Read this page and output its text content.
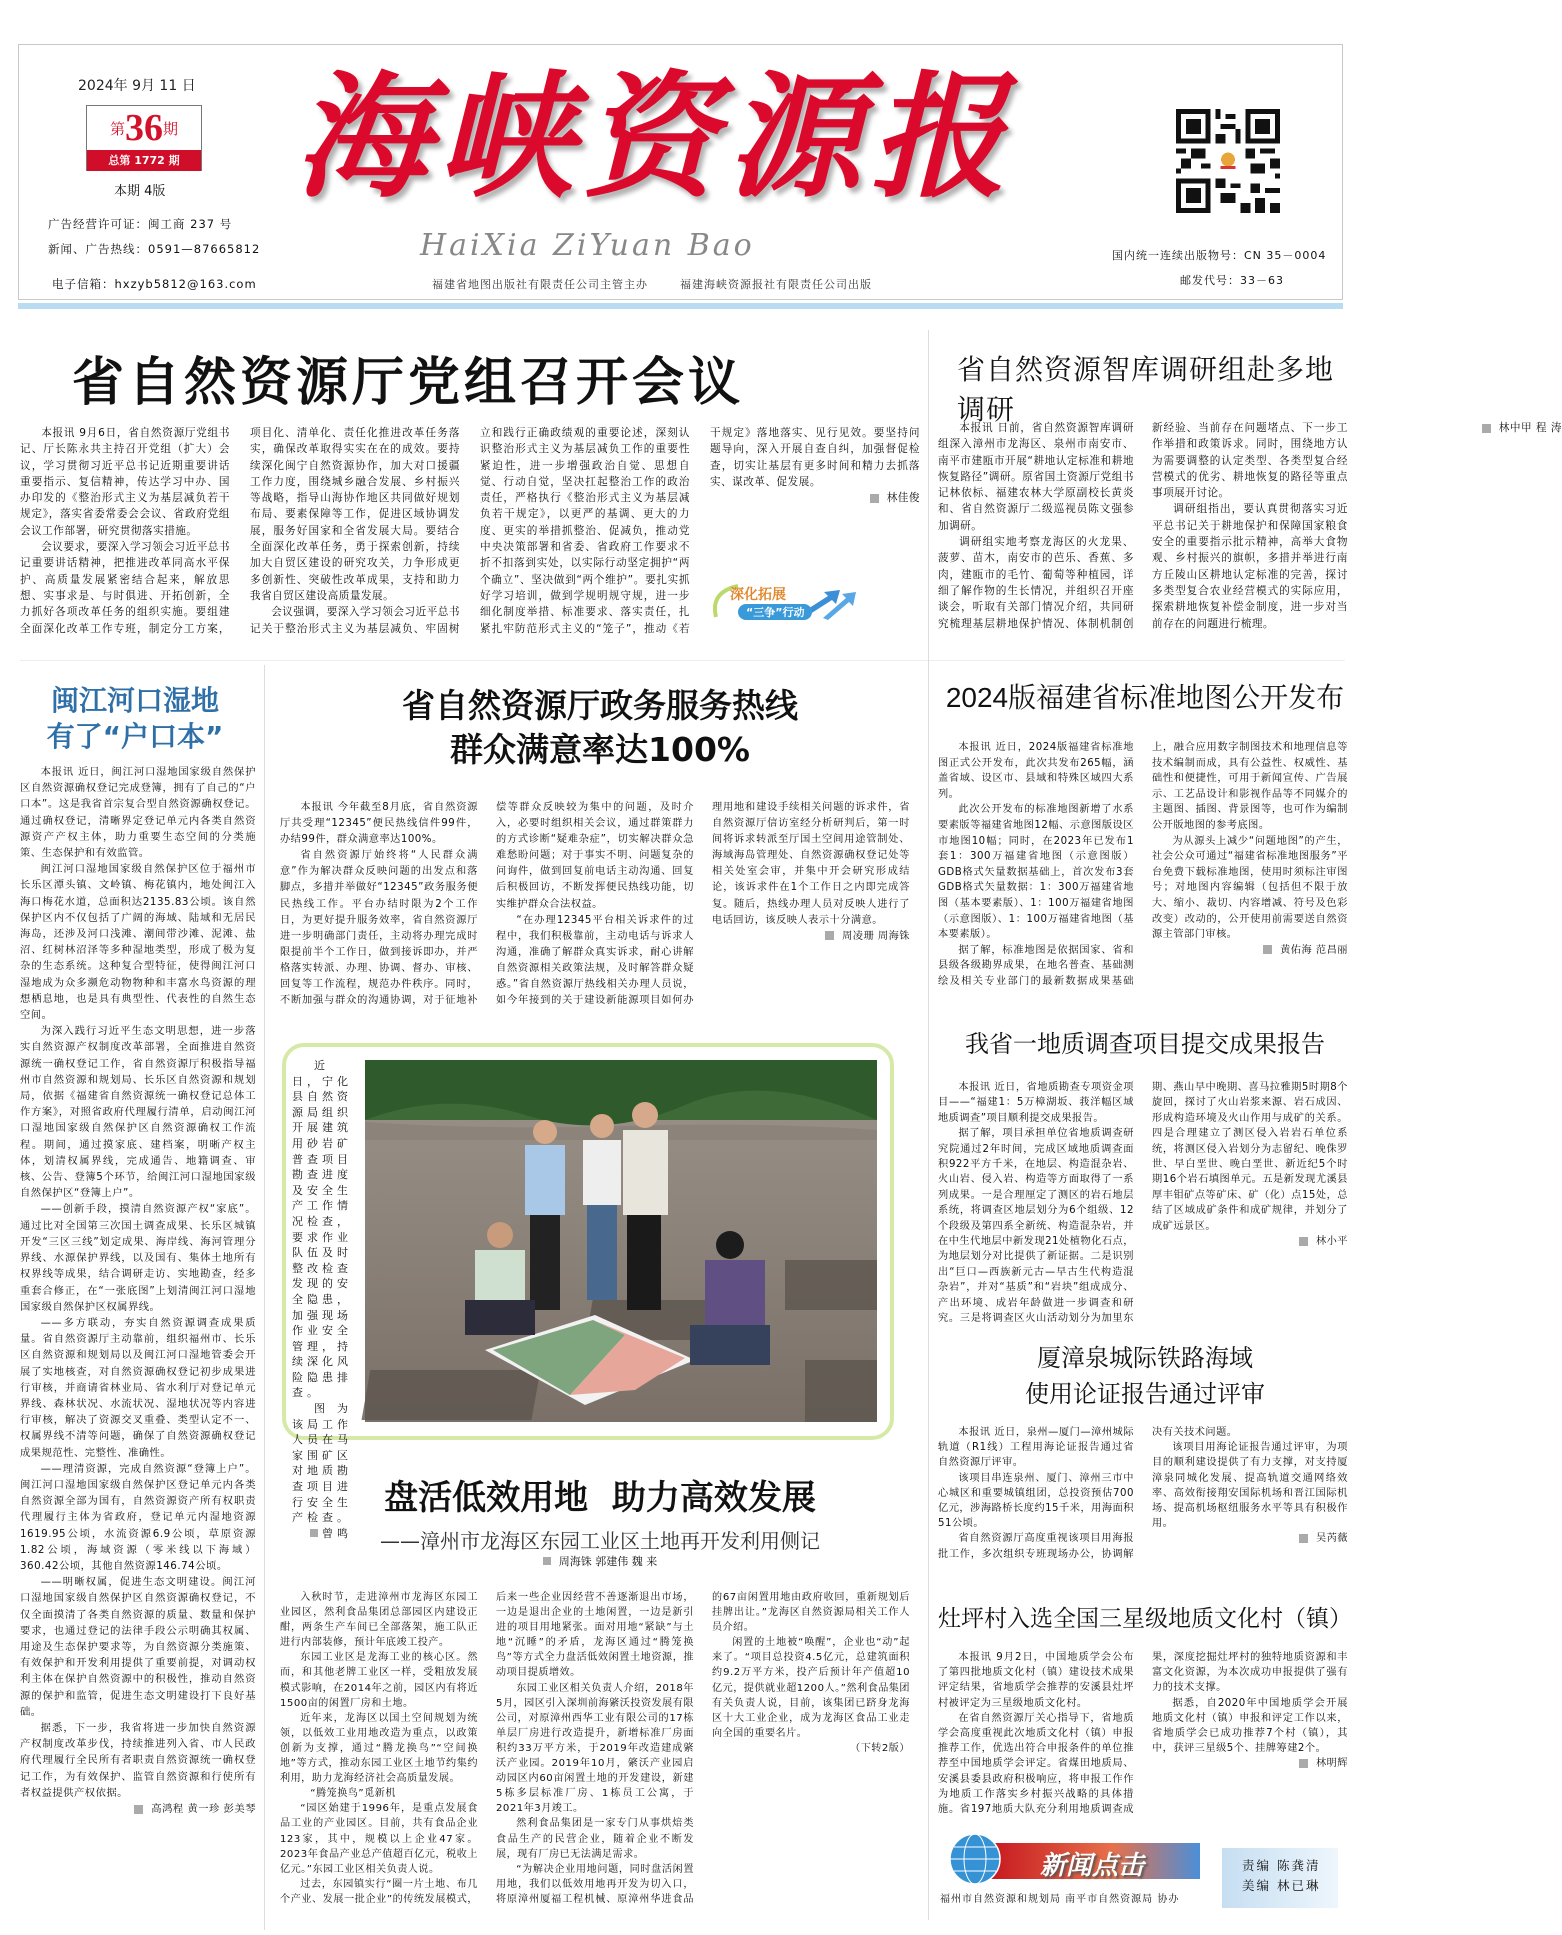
2024年 9月 11 日
第 36 期
总第 1772 期
本期 4版
广告经营许可证：闽工商 237 号
新闻、广告热线：0591—87665812
电子信箱：hxzyb5812@163.com
海 峡 资 源 报
HaiXia ZiYuan Bao
福建省地图出版社有限责任公司主管主办	福建海峡资源报社有限责任公司出版
国内统一连续出版物号：CN 35－0004
邮发代号：33－63
省自然资源厅党组召开会议	省自然资源智库调研组赴多地调研

本报讯 9月6日，省自然资源厅党组书记、厅长陈永共主持召开党组（扩大）会议，学习贯彻习近平总书记近期重要讲话重要指示、复信精神，传达学习中办、国办印发的《整治形式主义为基层减负若干规定》，落实省委常委会会议、省政府党组会议工作部署，研究贯彻落实措施。

会议要求，要深入学习领会习近平总书记重要讲话精神，把推进改革同高水平保护、高质量发展紧密结合起来，解放思想、实事求是、与时俱进、开拓创新，全力抓好各项改革任务的组织实施。要组建全面深化改革工作专班，制定分工方案，项目化、清单化、责任化推进改革任务落实，确保改革取得实实在在的成效。要持续深化闽宁自然资源协作，加大对口援疆工作力度，围绕城乡融合发展、乡村振兴等战略，指导山海协作地区共同做好规划布局、要素保障等工作，促进区域协调发展，服务好国家和全省发展大局。要结合全面深化改革任务，勇于探索创新，持续加大自贸区建设的研究攻关，力争形成更多创新性、突破性改革成果，支持和助力我省自贸区建设高质量发展。

会议强调，要深入学习领会习近平总书记关于整治形式主义为基层减负、牢固树立和践行正确政绩观的重要论述，深刻认识整治形式主义为基层减负工作的重要性紧迫性，进一步增强政治自觉、思想自觉、行动自觉，坚决扛起整治工作的政治责任，严格执行《整治形式主义为基层减负若干规定》，以更严的基调、更大的力度、更实的举措抓整治、促减负，推动党中央决策部署和省委、省政府工作要求不折不扣落到实处，以实际行动坚定拥护“两个确立”、坚决做到“两个维护”。要扎实抓好学习培训，做到学规明规守规，进一步细化制度举措、标准要求、落实责任，扎紧扎牢防范形式主义的“笼子”，推动《若干规定》落地落实、见行见效。要坚持问题导向，深入开展自查自纠，加强督促检查，切实让基层有更多时间和精力去抓落实、谋改革、促发展。

林佳俊

深化拓展
“三争”行动

本报讯 日前，省自然资源智库调研组深入漳州市龙海区、泉州市南安市、南平市建瓯市开展“耕地认定标准和耕地恢复路径”调研。原省国土资源厅党组书记林依标、福建农林大学原副校长黄炎和、省自然资源厅二级巡视员陈文强参加调研。

调研组实地考察龙海区的火龙果、菠萝、苗木，南安市的芭乐、香蕉、多肉，建瓯市的毛竹、葡萄等种植园，详细了解作物的生长情况，并组织召开座谈会，听取有关部门情况介绍，共同研究梳理基层耕地保护情况、体制机制创新经验、当前存在问题堵点、下一步工作举措和政策诉求。同时，围绕地方认为需要调整的认定类型、各类型复合经营模式的优劣、耕地恢复的路径等重点事项展开讨论。

调研组指出，要认真贯彻落实习近平总书记关于耕地保护和保障国家粮食安全的重要指示批示精神，高举大食物观、乡村振兴的旗帜，多措并举进行南方丘陵山区耕地认定标准的完善，探讨多类型复合农业经营模式的实际应用，探索耕地恢复补偿金制度，进一步对当前存在的问题进行梳理。

林中甲 程 涛

闽江河口湿地
有了“户口本”

本报讯 近日，闽江河口湿地国家级自然保护区自然资源确权登记完成登簿，拥有了自己的“户口本”。这是我省首宗复合型自然资源确权登记。通过确权登记，清晰界定登记单元内各类自然资源资产产权主体，助力重要生态空间的分类施策、生态保护和有效监管。

闽江河口湿地国家级自然保护区位于福州市长乐区潭头镇、文岭镇、梅花镇内，地处闽江入海口梅花水道，总面积达2135.83公顷。该自然保护区内不仅包括了广阔的海域、陆域和无居民海岛，还涉及河口浅滩、潮间带沙滩、泥滩、盐沼、红树林沼泽等多种湿地类型，形成了极为复杂的生态系统。这种复合型特征，使得闽江河口湿地成为众多濒危动物物种和丰富水鸟资源的理想栖息地，也是具有典型性、代表性的自然生态空间。

为深入践行习近平生态文明思想，进一步落实自然资源产权制度改革部署，全面推进自然资源统一确权登记工作，省自然资源厅积极指导福州市自然资源和规划局、长乐区自然资源和规划局，依据《福建省自然资源统一确权登记总体工作方案》，对照省政府代理履行清单，启动闽江河口湿地国家级自然保护区自然资源确权工作流程。期间，通过摸家底、建档案，明晰产权主体，划清权属界线，完成通告、地籍调查、审核、公告、登簿5个环节，给闽江河口湿地国家级自然保护区“登簿上户”。

——创新手段，摸清自然资源产权“家底”。通过比对全国第三次国土调查成果、长乐区城镇开发“三区三线”划定成果、海岸线、海河管理分界线、水源保护界线，以及国有、集体土地所有权界线等成果，结合调研走访、实地勘查，经多重套合修正，在“一张底图”上划清闽江河口湿地国家级自然保护区权属界线。

——多方联动，夯实自然资源调查成果质量。省自然资源厅主动靠前，组织福州市、长乐区自然资源和规划局以及闽江河口湿地管委会开展了实地核查，对自然资源确权登记初步成果进行审核，并商请省林业局、省水利厅对登记单元界线、森林状况、水流状况、湿地状况等内容进行审核，解决了资源交叉重叠、类型认定不一、权属界线不清等问题，确保了自然资源确权登记成果规范性、完整性、准确性。

——理清资源，完成自然资源“登簿上户”。闽江河口湿地国家级自然保护区登记单元内各类自然资源全部为国有，自然资源资产所有权职责代理履行主体为省政府，登记单元内湿地资源 1619.95公顷，水流资源6.9公顷，草原资源1.82公顷，海域资源（零米线以下海域）360.42公顷，其他自然资源146.74公顷。

——明晰权属，促进生态文明建设。闽江河口湿地国家级自然保护区自然资源确权登记，不仅全面摸清了各类自然资源的质量、数量和保护要求，也通过登记的法律手段公示明确其权属、用途及生态保护要求等，为自然资源分类施策、有效保护和开发利用提供了重要前提，对调动权利主体在保护自然资源中的积极性，推动自然资源的保护和监管，促进生态文明建设打下良好基础。

据悉，下一步，我省将进一步加快自然资源产权制度改革步伐，持续推进列入省、市人民政府代理履行全民所有者职责自然资源统一确权登记工作，为有效保护、监管自然资源和行使所有者权益提供产权依据。

高鸿程 黄一珍 彭美琴

省自然资源厅政务服务热线
群众满意率达100%

本报讯 今年截至8月底，省自然资源厅共受理“12345”便民热线信件99件，办结99件，群众满意率达100%。

省自然资源厅始终将“人民群众满意”作为解决群众反映问题的出发点和落脚点，多措并举做好“12345”政务服务便民热线工作。平台办结时限为2个工作日，为更好提升服务效率，省自然资源厅进一步明确部门责任，主动将办理完成时限提前半个工作日，做到接诉即办，并严格落实转派、办理、协调、督办、审核、回复等工作流程，规范办件秩序。同时，不断加强与群众的沟通协调，对于征地补偿等群众反映较为集中的问题，及时介入，必要时组织相关会议，通过群策群力的方式诊断“疑难杂症”，切实解决群众急难愁盼问题；对于事实不明、问题复杂的问询件，做到回复前电话主动沟通、回复后积极回访，不断发挥便民热线功能，切实维护群众合法权益。

“在办理12345平台相关诉求件的过程中，我们积极靠前，主动电话与诉求人沟通，准确了解群众真实诉求，耐心讲解自然资源相关政策法规，及时解答群众疑惑。”省自然资源厅热线相关办理人员说，如今年接到的关于建设新能源项目如何办理用地和建设手续相关问题的诉求件，省自然资源厅信访室经分析研判后，第一时间将诉求转派至厅国土空间用途管制处、海域海岛管理处、自然资源确权登记处等相关处室会审，并集中开会研究形成结论，该诉求件在1个工作日之内即完成答复。随后，热线办理人员对反映人进行了电话回访，该反映人表示十分满意。

周凌珊 周海铢

近日，宁化县自然资源局组织开展建筑用砂岩矿普查项目勘查进度及安全生产工作情况检查，要求作业队伍及时整改检查发现的安全隐患，加强现场作业安全管理，持续深化风险隐患排查。

图为该局工作人员在马家围矿区对地质勘查项目进行安全生产检查。

曾鸣

盘活低效用地  助力高效发展
——漳州市龙海区东园工业区土地再开发利用侧记
周海铢 郭建伟 魏 来

入秋时节，走进漳州市龙海区东园工业园区，然利食品集团总部园区内建设正酣，两条生产车间已全部落架，施工队正进行内部装修，预计年底竣工投产。

东园工业区是龙海工业的核心区。然而，和其他老牌工业区一样，受粗放发展模式影响，在2014年之前，园区内有将近1500亩的闲置厂房和土地。

近年来，龙海区以国土空间规划为统领，以低效工业用地改造为重点，以政策创新为支撑，通过“腾龙换鸟”“空间换地”等方式，推动东园工业区土地节约集约利用，助力龙海经济社会高质量发展。

“腾笼换鸟”觅新机

“园区始建于1996年，是重点发展食品工业的产业园区。目前，共有食品企业123家，其中，规模以上企业47家。2023年食品产业总产值超百亿元，税收上亿元。”东园工业区相关负责人说。

过去，东园镇实行“圈一片土地、布几个产业、发展一批企业”的传统发展模式，后来一些企业因经营不善逐渐退出市场，一边是退出企业的土地闲置，一边是新引进的项目用地紧张。面对用地“紧缺”与土地“沉睡”的矛盾，龙海区通过“腾笼换鸟”等方式全力盘活低效闲置土地资源，推动项目提质增效。

东园工业区相关负责人介绍，2018年5月，园区引入深圳前海綮沃投资发展有限公司，对原漳州西华工业有限公司的17栋单层厂房进行改造提升，新增标准厂房面积约33万平方米，于2019年改造建成綮沃产业园。2019年10月，綮沃产业园启动园区内60亩闲置土地的开发建设，新建5栋多层标准厂房、1栋员工公寓，于2021年3月竣工。

然利食品集团是一家专门从事烘焙类食品生产的民营企业，随着企业不断发展，现有厂房已无法满足需求。

“为解决企业用地问题，同时盘活闲置用地，我们以低效用地再开发为切入口，将原漳州厦福工程机械、原漳州华进食品的67亩闲置用地由政府收回，重新规划后挂牌出让。”龙海区自然资源局相关工作人员介绍。

闲置的土地被“唤醒”，企业也“动”起来了。“项目总投资4.5亿元，总建筑面积约9.2万平方米，投产后预计年产值超10亿元，提供就业超1200人。”然利食品集团有关负责人说，目前，该集团已跻身龙海区十大工业企业，成为龙海区食品工业走向全国的重要名片。

（下转2版）

2024版福建省标准地图公开发布

本报讯 近日，2024版福建省标准地图正式公开发布，此次共发布265幅，涵盖省域、设区市、县域和特殊区域四大系列。

此次公开发布的标准地图新增了水系要素版等福建省地图12幅、示意图版设区市地图10幅；同时，在2023年已发布1套1：300万福建省地图（示意图版）GDB格式矢量数据基础上，首次发布3套GDB格式矢量数据：1：300万福建省地图（基本要素版）、1：100万福建省地图（示意图版）、1：100万福建省地图（基本要素版）。

据了解，标准地图是依据国家、省和县级各级勘界成果，在地名普查、基础测绘及相关专业部门的最新数据成果基础上，融合应用数字制图技术和地理信息等技术编制而成，具有公益性、权威性、基础性和便捷性，可用于新闻宣传、广告展示、工艺品设计和影视作品等不同媒介的主题图、插图、背景图等，也可作为编制公开版地图的参考底图。

为从源头上减少“问题地图”的产生，社会公众可通过“福建省标准地图服务”平台免费下载标准地图，使用时须标注审图号；对地图内容编辑（包括但不限于放大、缩小、裁切、内容增减、符号及色彩改变）改动的，公开使用前需要送自然资源主管部门审核。

黄佑海 范昌丽

我省一地质调查项目提交成果报告

本报讯 近日，省地质勘查专项资金项目——“福建1：5万樟湖坂、莪洋幅区域地质调查”项目顺利提交成果报告。

据了解，项目承担单位省地质调查研究院通过2年时间，完成区域地质调查面积922平方千米，在地层、构造混杂岩、火山岩、侵入岩、构造等方面取得了一系列成果。一是合理厘定了测区的岩石地层系统，将调查区地层划分为6个组级、12个段级及第四系全新统、构造混杂岩，并在中生代地层中新发现21处植物化石点，为地层划分对比提供了新证据。二是识别出“巨口—西族新元古—早古生代构造混杂岩”，并对“基质”和“岩块”组成成分、产出环境、成岩年龄做进一步调查和研究。三是将调查区火山活动划分为加里东期、燕山早中晚期、喜马拉雅期5时期8个旋回，探讨了火山岩浆来源、岩石成因、形成构造环境及火山作用与成矿的关系。四是合理建立了测区侵入岩岩石单位系统，将测区侵入岩划分为志留纪、晚侏罗世、早白垩世、晚白垩世、新近纪5个时期16个岩石填图单元。五是新发现尤溪县厚丰钼矿点等矿床、矿（化）点15处，总结了区域成矿条件和成矿规律，并划分了成矿远景区。

林小平

厦漳泉城际铁路海域
使用论证报告通过评审

本报讯 近日，泉州—厦门—漳州城际轨道（R1线）工程用海论证报告通过省自然资源厅评审。

该项目串连泉州、厦门、漳州三市中心城区和重要城镇组团，总投资预估700亿元，涉海路桥长度约15千米，用海面积51公顷。

省自然资源厅高度重视该项目用海报批工作，多次组织专班现场办公，协调解决有关技术问题。

该项目用海论证报告通过评审，为项目的顺利建设提供了有力支撑，对支持厦漳泉同城化发展、提高轨道交通网络效率、高效衔接翔安国际机场和晋江国际机场、提高机场枢纽服务水平等具有积极作用。

吴芮薇

灶坪村入选全国三星级地质文化村（镇）

本报讯 9月2日，中国地质学会公布了第四批地质文化村（镇）建设技术成果评定结果，省地质学会推荐的安溪县灶坪村被评定为三星级地质文化村。

在省自然资源厅关心指导下，省地质学会高度重视此次地质文化村（镇）申报推荐工作，优选出符合申报条件的单位推荐至中国地质学会评定。省煤田地质局、安溪县委县政府积极响应，将申报工作作为地质工作落实乡村振兴战略的具体措施。省197地质大队充分利用地质调查成果，深度挖掘灶坪村的独特地质资源和丰富文化资源，为本次成功申报提供了强有力的技术支撑。

据悉，自2020年中国地质学会开展地质文化村（镇）申报和评定工作以来，省地质学会已成功推荐7个村（镇），其中，获评三星级5个、挂牌筹建2个。

林明辉

新闻点击
福州市自然资源和规划局 南平市自然资源局 协办
责编 陈龚清
美编 林已琳
